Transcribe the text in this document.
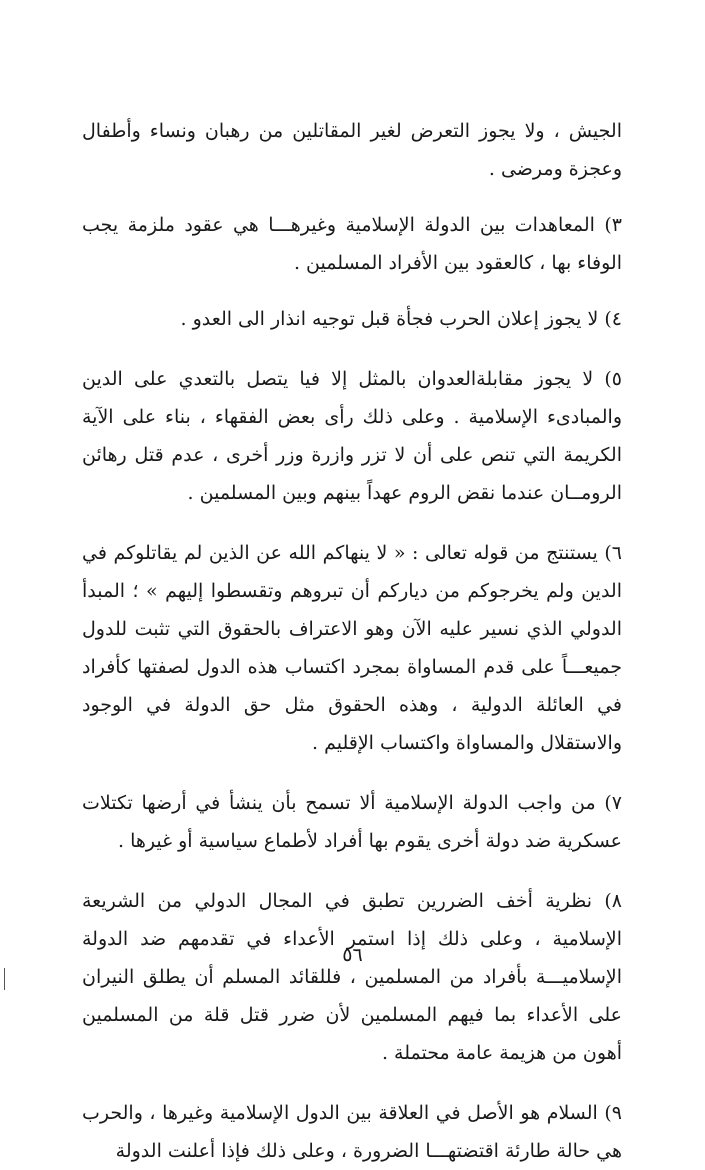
الجيش ، ولا يجوز التعرض لغير المقاتلين من رهبان ونساء وأطفال وعجزة ومرضى .

٣) المعاهدات بين الدولة الإسلامية وغيرهـــا هي عقود ملزمة يجب الوفاء بها ، كالعقود بين الأفراد المسلمين .

٤) لا يجوز إعلان الحرب فجأة قبل توجيه انذار الى العدو .

٥) لا يجوز مقابلةالعدوان بالمثل إلا فيا يتصل بالتعدي على الدين والمبادىء الإسلامية . وعلى ذلك رأى بعض الفقهاء ، بناء على الآية الكريمة التي تنص على أن لا تزر وازرة وزر أخرى ، عدم قتل رهائن الرومــان عندما نقض الروم عهداً بينهم وبين المسلمين .

٦) يستنتج من قوله تعالى : « لا ينهاكم الله عن الذين لم يقاتلوكم في الدين ولم يخرجوكم من دياركم أن تبروهم وتقسطوا إليهم » ؛ المبدأ الدولي الذي نسير عليه الآن وهو الاعتراف بالحقوق التي تثبت للدول جميعـــاً على قدم المساواة بمجرد اكتساب هذه الدول لصفتها كأفراد في العائلة الدولية ، وهذه الحقوق مثل حق الدولة في الوجود والاستقلال والمساواة واكتساب الإقليم .

٧) من واجب الدولة الإسلامية ألا تسمح بأن ينشأ في أرضها تكتلات عسكرية ضد دولة أخرى يقوم بها أفراد لأطماع سياسية أو غيرها .

٨) نظرية أخف الضررين تطبق في المجال الدولي من الشريعة الإسلامية ، وعلى ذلك إذا استمر الأعداء في تقدمهم ضد الدولة الإسلاميـــة بأفراد من المسلمين ، فللقائد المسلم أن يطلق النيران على الأعداء بما فيهم المسلمين لأن ضرر قتل قلة من المسلمين أهون من هزيمة عامة محتملة .

٩) السلام هو الأصل في العلاقة بين الدول الإسلامية وغيرها ، والحرب هي حالة طارئة اقتضتهـــا الضرورة ، وعلى ذلك فإذا أعلنت الدولة

٥٦
